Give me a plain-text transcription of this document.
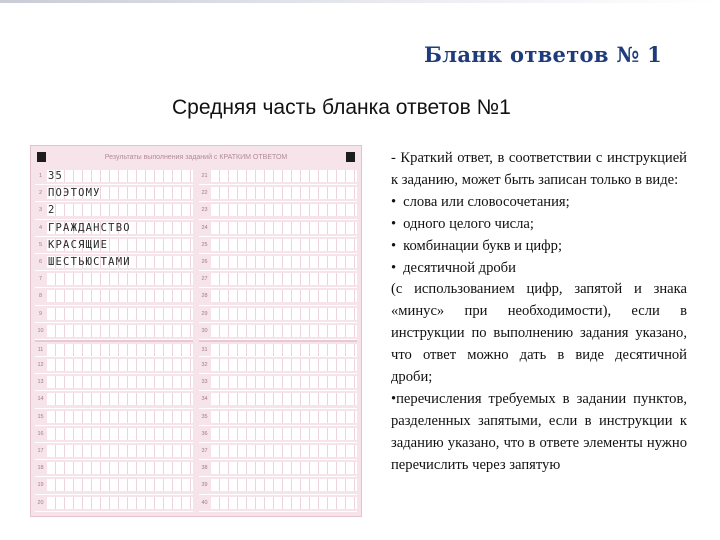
Бланк ответов № 1
Средняя часть бланка ответов №1
Результаты выполнения заданий с КРАТКИМ ОТВЕТОМ
1 35
2 ПОЭТОМУ
3 2
4 ГРАЖДАНСТВО
5 КРАСЯЩИЕ
6 ШЕСТЬЮСТАМИ
7
8
9
10
11
12
13
14
15
16
17
18
19
20
21
22
23
24
25
26
27
28
29
30
31
32
33
34
35
36
37
38
39
40

- Краткий ответ, в соответствии с инструкцией к заданию, может быть записан только в виде:

• слова или словосочетания;
• одного целого числа;
• комбинации букв и цифр;
• десятичной дроби

(с использованием цифр, запятой и знака «минус» при необходимости), если в инструкции по выполнению задания указано, что ответ можно дать в виде десятичной дроби;

•перечисления требуемых в задании пунктов, разделенных запятыми, если в инструкции к заданию указано, что в ответе элементы нужно перечислить через запятую
